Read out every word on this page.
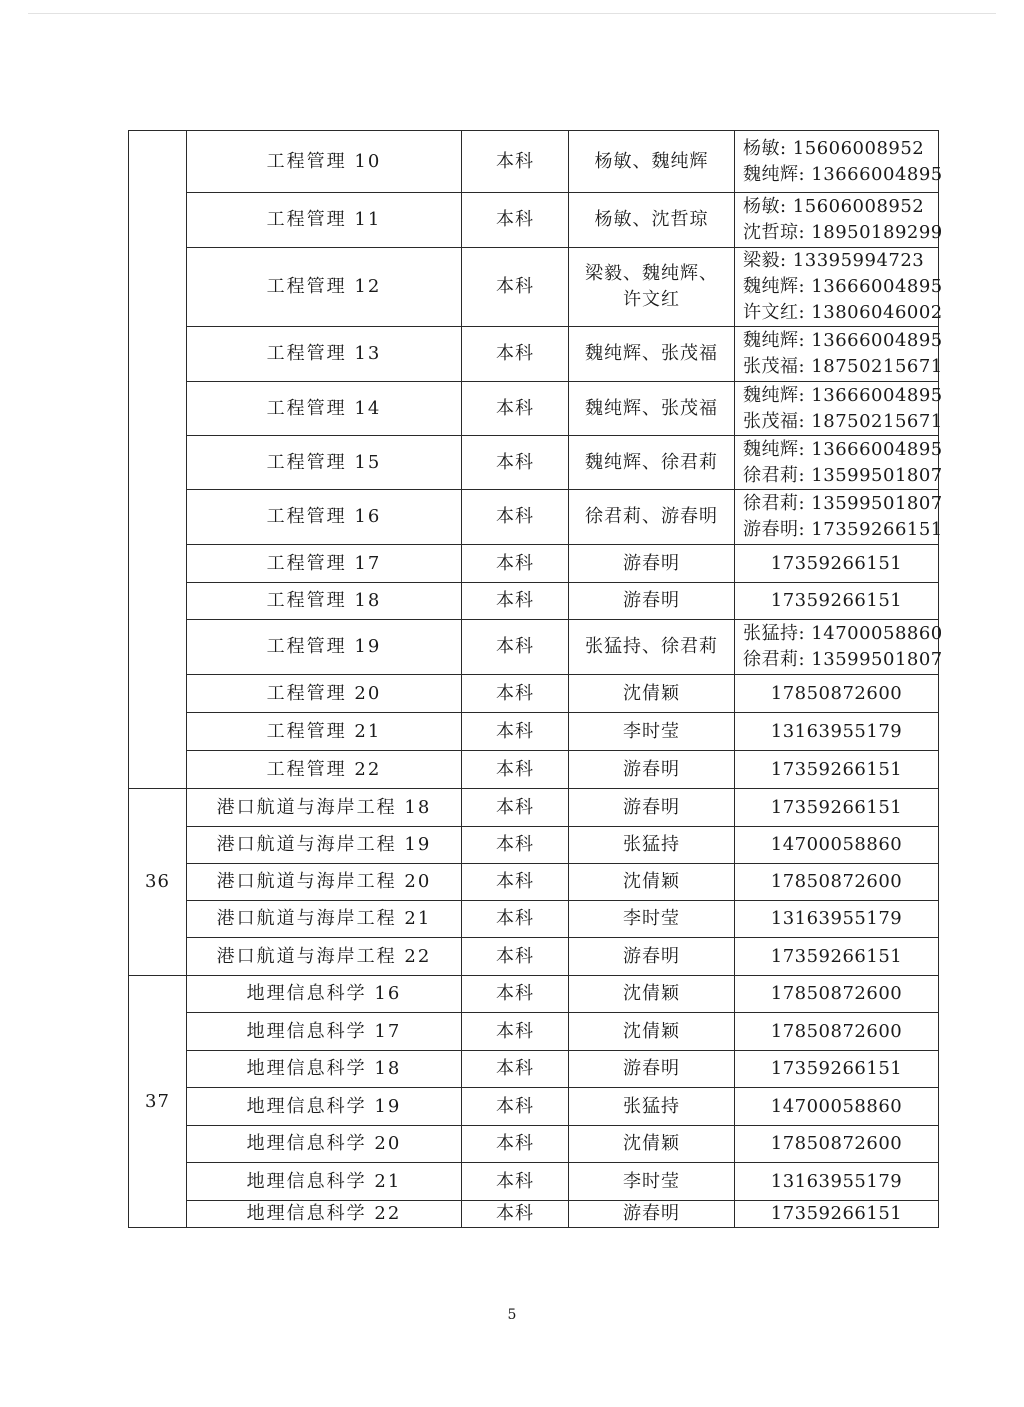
	工程管理 10	本科	杨敏、魏纯辉	杨敏: 15606008952
魏纯辉: 13666004895

	工程管理 11	本科	杨敏、沈哲琼	杨敏: 15606008952
沈哲琼: 18950189299

	工程管理 12	本科	梁毅、魏纯辉、
许文红	梁毅: 13395994723
魏纯辉: 13666004895
许文红: 13806046002

	工程管理 13	本科	魏纯辉、张茂福	魏纯辉: 13666004895
张茂福: 18750215671

	工程管理 14	本科	魏纯辉、张茂福	魏纯辉: 13666004895
张茂福: 18750215671

	工程管理 15	本科	魏纯辉、徐君莉	魏纯辉: 13666004895
徐君莉: 13599501807

	工程管理 16	本科	徐君莉、游春明	徐君莉: 13599501807
游春明: 17359266151

	工程管理 17	本科	游春明	17359266151

	工程管理 18	本科	游春明	17359266151

	工程管理 19	本科	张猛持、徐君莉	张猛持: 14700058860
徐君莉: 13599501807

	工程管理 20	本科	沈倩颖	17850872600

	工程管理 21	本科	李时莹	13163955179

	工程管理 22	本科	游春明	17359266151

36	港口航道与海岸工程 18	本科	游春明	17359266151

	港口航道与海岸工程 19	本科	张猛持	14700058860

	港口航道与海岸工程 20	本科	沈倩颖	17850872600

	港口航道与海岸工程 21	本科	李时莹	13163955179

	港口航道与海岸工程 22	本科	游春明	17359266151

37	地理信息科学 16	本科	沈倩颖	17850872600

	地理信息科学 17	本科	沈倩颖	17850872600

	地理信息科学 18	本科	游春明	17359266151

	地理信息科学 19	本科	张猛持	14700058860

	地理信息科学 20	本科	沈倩颖	17850872600

	地理信息科学 21	本科	李时莹	13163955179

	地理信息科学 22	本科	游春明	17359266151
5
